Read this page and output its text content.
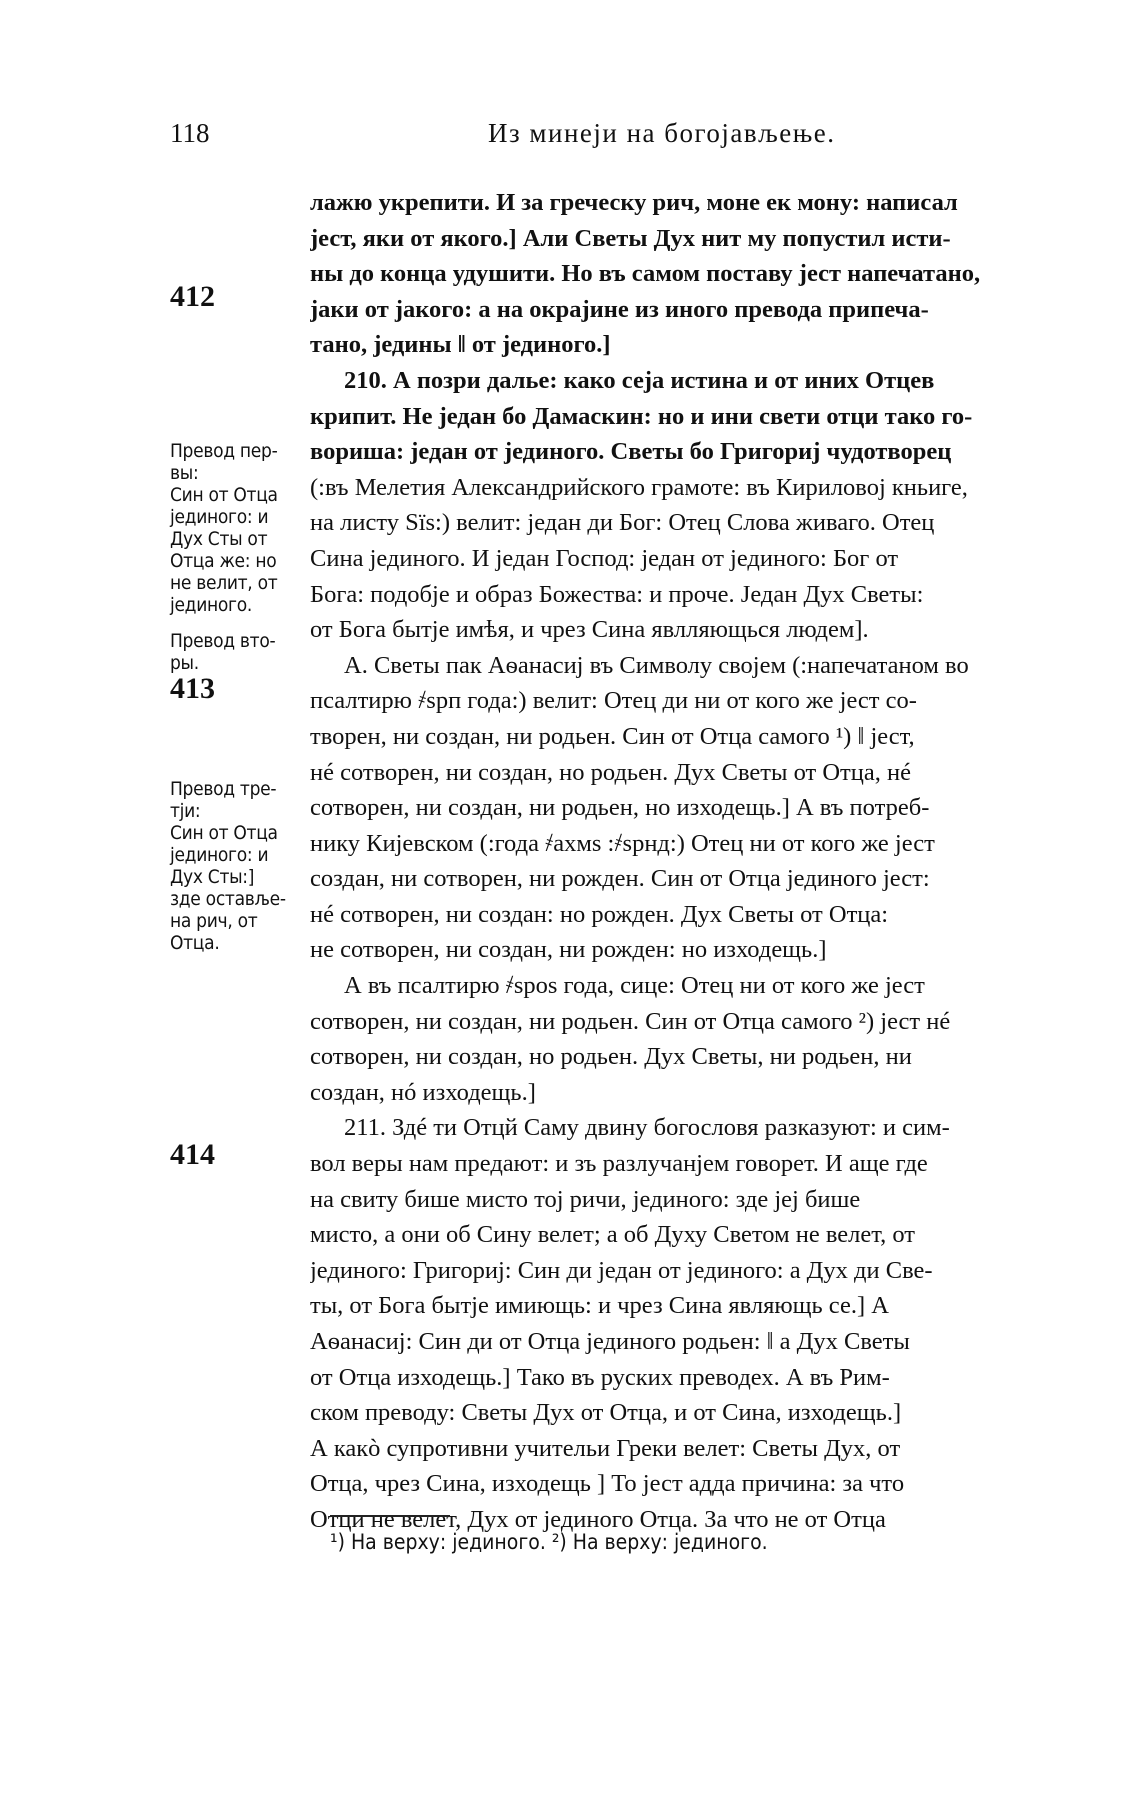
118	Из минеји на богојављење.
412
413
414
Превод пер-
вы:
Син от Отца
јединого: и
Дух Сты от
Отца же: но
не велит, от
јединого.
Превод вто-
ры.
Превод тре-
тји:
Син от Отца
јединого: и
Дух Сты:]
зде оставље-
на рич, от
Отца.
лажю укрепити. И за греческу рич, моне ек мону: написал
јест, яки от якого.] Али Светы Дух нит му попустил исти-
ны до конца удушити. Но въ самом поставу јест напечатано,
јаки от јакого: а на окрајине из иного превода припеча-
тано, једины ‖ от јединого.]
210. А позри дальe: како сеја истина и от иних Отцев
крипит. Не један бо Дамаскин: но и ини свети отци тако го-
вориша: један от јединого. Светы бо Григориј чудотворец
(:въ Мелетия Александрийского грамоте: въ Кириловој кньиге,
на листу Ѕїѕ:) велит: један ди Бог: Отец Слова живаго. Отец
Сина јединого. И један Господ: један от јединого: Бог от
Бога: подобје и образ Божества: и проче. Један Дух Светы:
от Бога бытје имѣя, и чрез Сина явлляющься людем].
А. Светы пак Аѳанасиј въ Символу својем (:напечатаном во
псалтирю ҂ѕрп года:) велит: Отец ди ни от кого же јест со-
творен, ни создан, ни родьен. Син от Отца самого ¹) ‖ јест,
нé сотворен, ни создан, но родьен. Дух Светы от Отца, нé
сотворен, ни создан, ни родьен, но изходещь.] А въ потреб-
нику Кијевском (:года ҂ахмѕ :҂ѕрнд:) Отец ни от кого же јест
создан, ни сотворен, ни рожден. Син от Отца јединого јест:
нé сотворен, ни создан: но рожден. Дух Светы от Отца:
не сотворен, ни создан, ни рожден: но изходещь.]
А въ псалтирю ҂ѕроѕ года, сице: Отец ни от кого же јест
сотворен, ни создан, ни родьен. Син от Отца самого ²) јест нé
сотворен, ни создан, но родьен. Дух Светы, ни родьен, ни
создан, нó изходещь.]
211. Здé ти Отцй Саму двину богословя разказуют: и сим-
вол веры нам предают: и зъ разлучанјем говорет. И аще где
на свиту бише мисто тој ричи, јединого: зде јеј бише
мисто, а они об Сину велет; а об Духу Светом не велет, от
јединого: Григориј: Син ди један от јединого: а Дух ди Све-
ты, от Бога бытје имиющь: и чрез Сина являющь се.] А
Аѳанасиј: Син ди от Отца јединого родьен: ‖ а Дух Светы
от Отца изходещь.] Тако въ руских преводех. А въ Рим-
ском преводу: Светы Дух от Отца, и от Сина, изходещь.]
А какò супротивни учительи Греки велет: Светы Дух, от
Отца, чрез Сина, изходещь ] То јест адда причина: за что
Отци не велет, Дух от јединого Отца. За что не от Отца
¹) На верху: јединого. ²) На верху: јединого.
